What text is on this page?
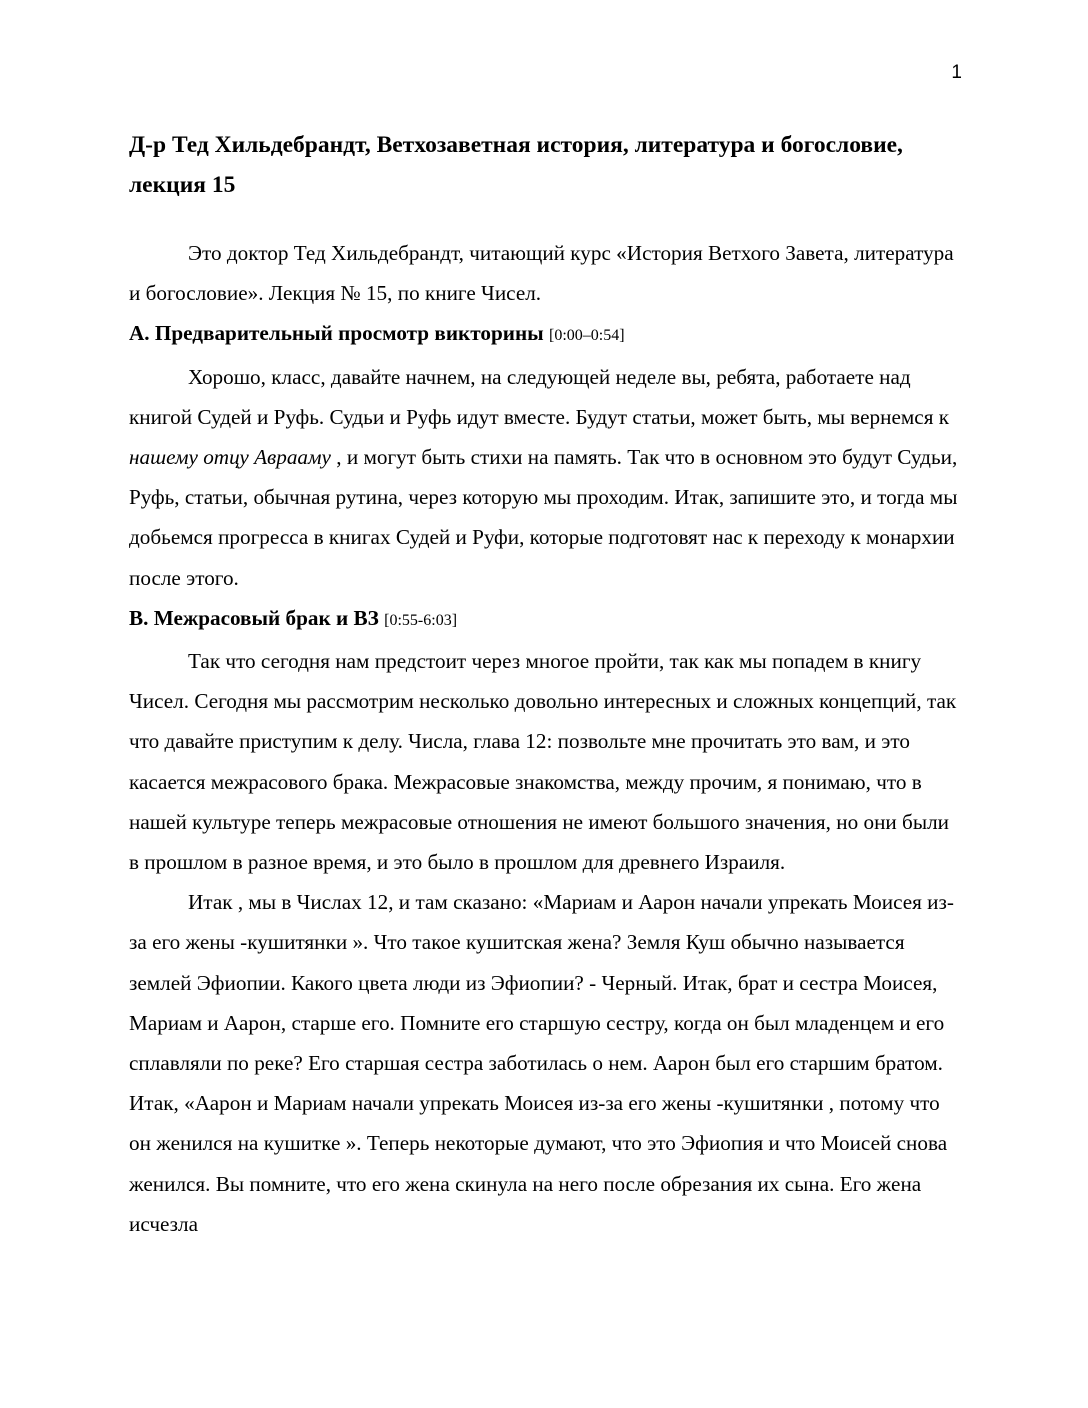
1
Д-р Тед Хильдебрандт, Ветхозаветная история, литература и богословие, лекция 15

Это доктор Тед Хильдебрандт, читающий курс «История Ветхого Завета, литература и богословие». Лекция № 15, по книге Чисел.

A. Предварительный просмотр викторины [0:00–0:54]

Хорошо, класс, давайте начнем, на следующей неделе вы, ребята, работаете над книгой Судей и Руфь. Судьи и Руфь идут вместе. Будут статьи, может быть, мы вернемся к нашему отцу Аврааму , и могут быть стихи на память. Так что в основном это будут Судьи, Руфь, статьи, обычная рутина, через которую мы проходим. Итак, запишите это, и тогда мы добьемся прогресса в книгах Судей и Руфи, которые подготовят нас к переходу к монархии после этого.

B. Межрасовый брак и ВЗ [0:55-6:03]

Так что сегодня нам предстоит через многое пройти, так как мы попадем в книгу Чисел. Сегодня мы рассмотрим несколько довольно интересных и сложных концепций, так что давайте приступим к делу. Числа, глава 12: позвольте мне прочитать это вам, и это касается межрасового брака. Межрасовые знакомства, между прочим, я понимаю, что в нашей культуре теперь межрасовые отношения не имеют большого значения, но они были в прошлом в разное время, и это было в прошлом для древнего Израиля.

Итак , мы в Числах 12, и там сказано: «Мариам и Аарон начали упрекать Моисея из-за его жены -кушитянки ». Что такое кушитская жена? Земля Куш обычно называется землей Эфиопии. Какого цвета люди из Эфиопии? - Черный. Итак, брат и сестра Моисея, Мариам и Аарон, старше его. Помните его старшую сестру, когда он был младенцем и его сплавляли по реке? Его старшая сестра заботилась о нем. Аарон был его старшим братом. Итак, «Аарон и Мариам начали упрекать Моисея из-за его жены -кушитянки , потому что он женился на кушитке ». Теперь некоторые думают, что это Эфиопия и что Моисей снова женился. Вы помните, что его жена скинула на него после обрезания их сына. Его жена исчезла
